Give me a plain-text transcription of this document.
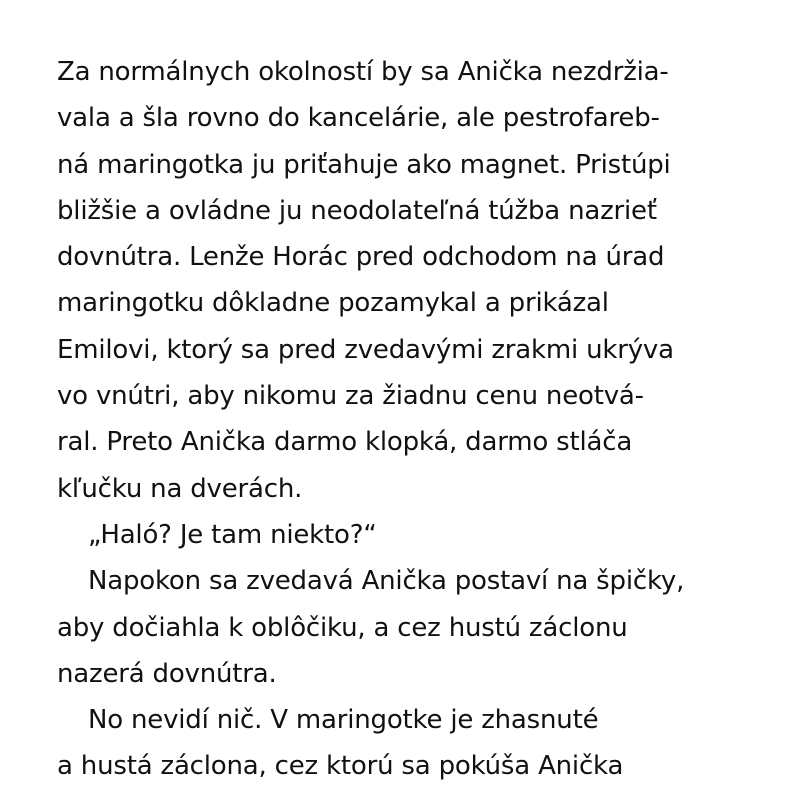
Za normálnych okolností by sa Anička nezdržia-
vala a šla rovno do kancelárie, ale pestrofareb-
ná maringotka ju priťahuje ako magnet. Pristúpi
bližšie a ovládne ju neodolateľná túžba nazrieť
dovnútra. Lenže Horác pred odchodom na úrad
maringotku dôkladne pozamykal a prikázal
Emilovi, ktorý sa pred zvedavými zrakmi ukrýva
vo vnútri, aby nikomu za žiadnu cenu neotvá-
ral. Preto Anička darmo klopká, darmo stláča
kľučku na dverách.
„Haló? Je tam niekto?“
Napokon sa zvedavá Anička postaví na špičky,
aby dočiahla k oblôčiku, a cez hustú záclonu
nazerá dovnútra.
No nevidí nič. V maringotke je zhasnuté
a hustá záclona, cez ktorú sa pokúša Anička
